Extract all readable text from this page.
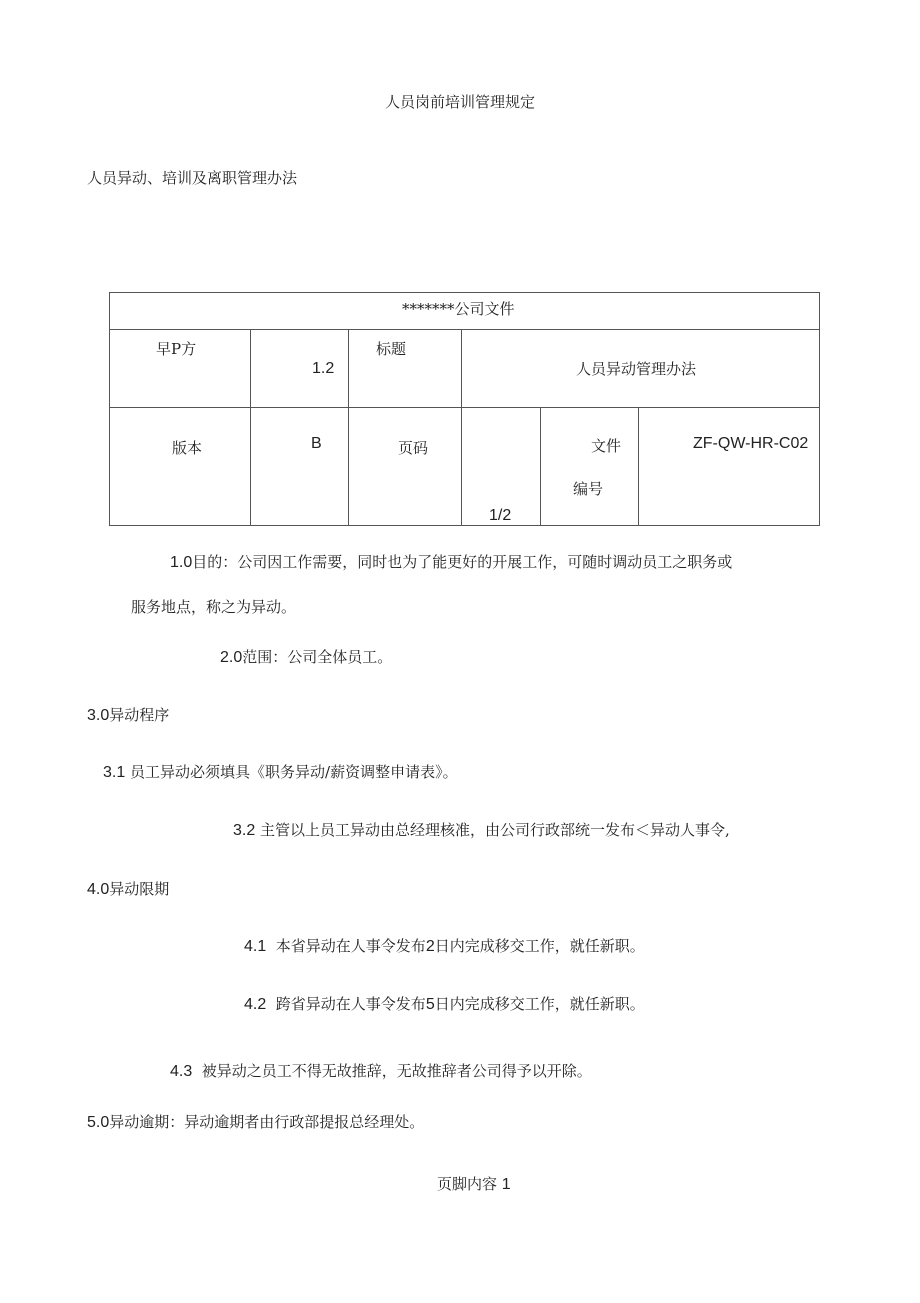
人员岗前培训管理规定
人员异动、培训及离职管理办法
*******公司文件
早P方
1.2
标题
人员异动管理办法
版本	B	页码
1/2
文件
编号
ZF-QW-HR-C02
1.0目的：公司因工作需要，同时也为了能更好的开展工作，可随时调动员工之职务或
服务地点，称之为异动。
2.0范围：公司全体员工。
3.0异动程序
3.1 员工异动必须填具《职务异动/薪资调整申请表》。
3.2 主管以上员工异动由总经理核准，由公司行政部统一发布＜异动人事令,
4.0异动限期
4.1 本省异动在人事令发布2日内完成移交工作，就任新职。
4.2 跨省异动在人事令发布5日内完成移交工作，就任新职。
4.3 被异动之员工不得无故推辞，无故推辞者公司得予以开除。
5.0异动逾期：异动逾期者由行政部提报总经理处。
页脚内容 1
